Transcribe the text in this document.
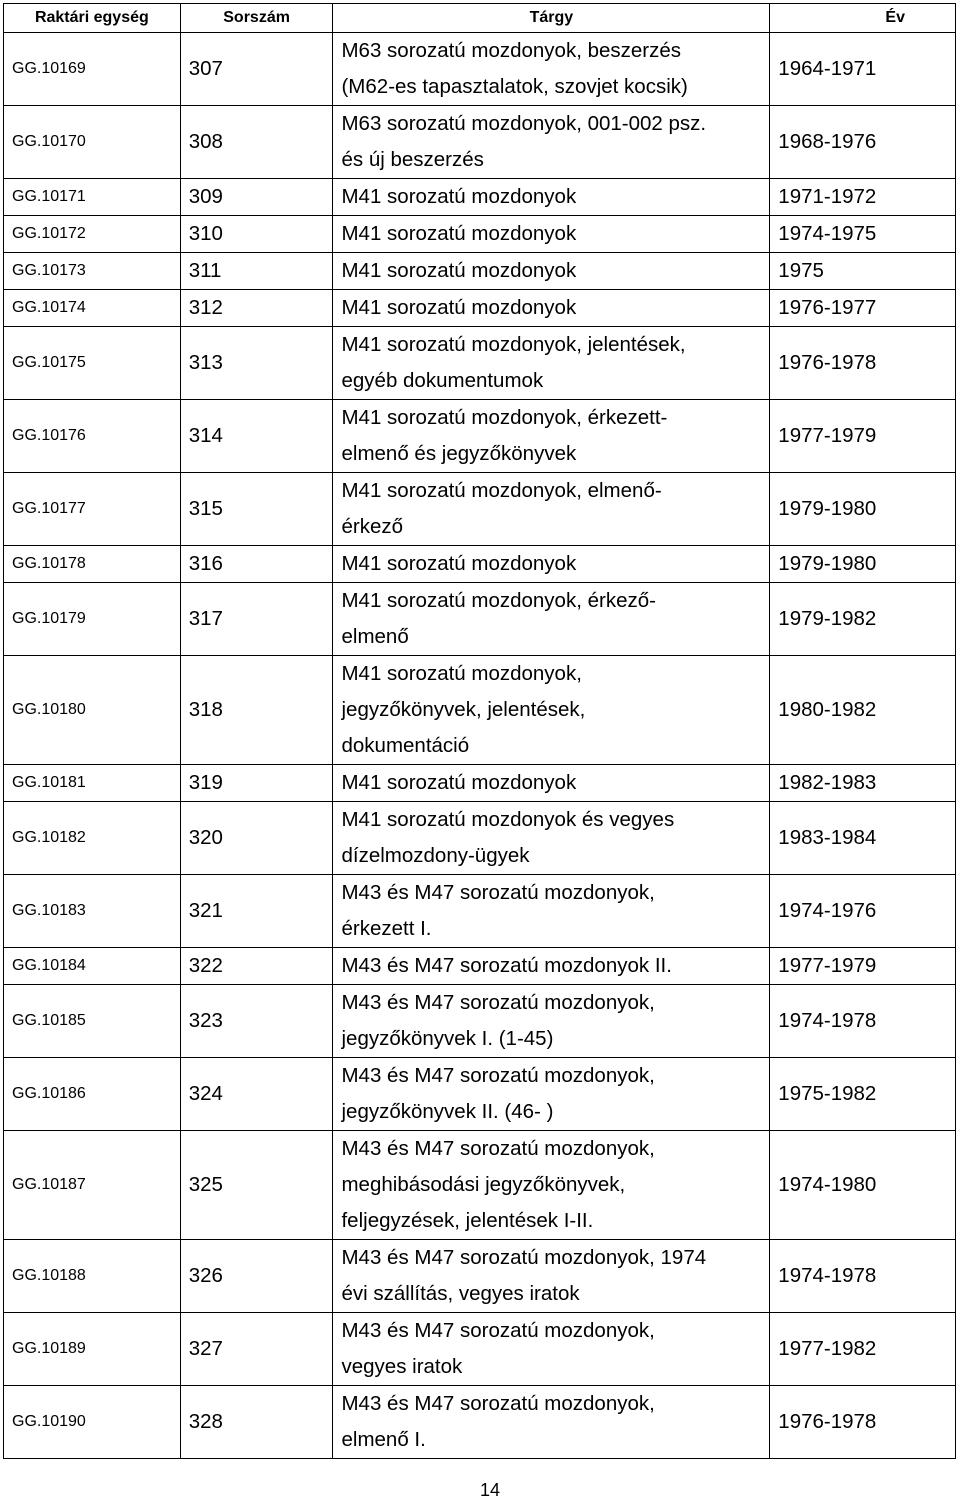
Raktári egység	Sorszám	Tárgy	Év
GG.10169	307	M63 sorozatú mozdonyok, beszerzés
(M62-es tapasztalatok, szovjet kocsik)	1964-1971
GG.10170	308	M63 sorozatú mozdonyok, 001-002 psz.
és új beszerzés	1968-1976
GG.10171	309	M41 sorozatú mozdonyok	1971-1972
GG.10172	310	M41 sorozatú mozdonyok	1974-1975
GG.10173	311	M41 sorozatú mozdonyok	1975
GG.10174	312	M41 sorozatú mozdonyok	1976-1977
GG.10175	313	M41 sorozatú mozdonyok, jelentések,
egyéb dokumentumok	1976-1978
GG.10176	314	M41 sorozatú mozdonyok, érkezett-
elmenő és jegyzőkönyvek	1977-1979
GG.10177	315	M41 sorozatú mozdonyok, elmenő-
érkező	1979-1980
GG.10178	316	M41 sorozatú mozdonyok	1979-1980
GG.10179	317	M41 sorozatú mozdonyok, érkező-
elmenő	1979-1982
GG.10180	318	M41 sorozatú mozdonyok,
jegyzőkönyvek, jelentések,
dokumentáció	1980-1982
GG.10181	319	M41 sorozatú mozdonyok	1982-1983
GG.10182	320	M41 sorozatú mozdonyok és vegyes
dízelmozdony-ügyek	1983-1984
GG.10183	321	M43 és M47 sorozatú mozdonyok,
érkezett I.	1974-1976
GG.10184	322	M43 és M47 sorozatú mozdonyok II.	1977-1979
GG.10185	323	M43 és M47 sorozatú mozdonyok,
jegyzőkönyvek I. (1-45)	1974-1978
GG.10186	324	M43 és M47 sorozatú mozdonyok,
jegyzőkönyvek II. (46- )	1975-1982
GG.10187	325	M43 és M47 sorozatú mozdonyok,
meghibásodási jegyzőkönyvek,
feljegyzések, jelentések I-II.	1974-1980
GG.10188	326	M43 és M47 sorozatú mozdonyok, 1974
évi szállítás, vegyes iratok	1974-1978
GG.10189	327	M43 és M47 sorozatú mozdonyok,
vegyes iratok	1977-1982
GG.10190	328	M43 és M47 sorozatú mozdonyok,
elmenő I.	1976-1978
14
